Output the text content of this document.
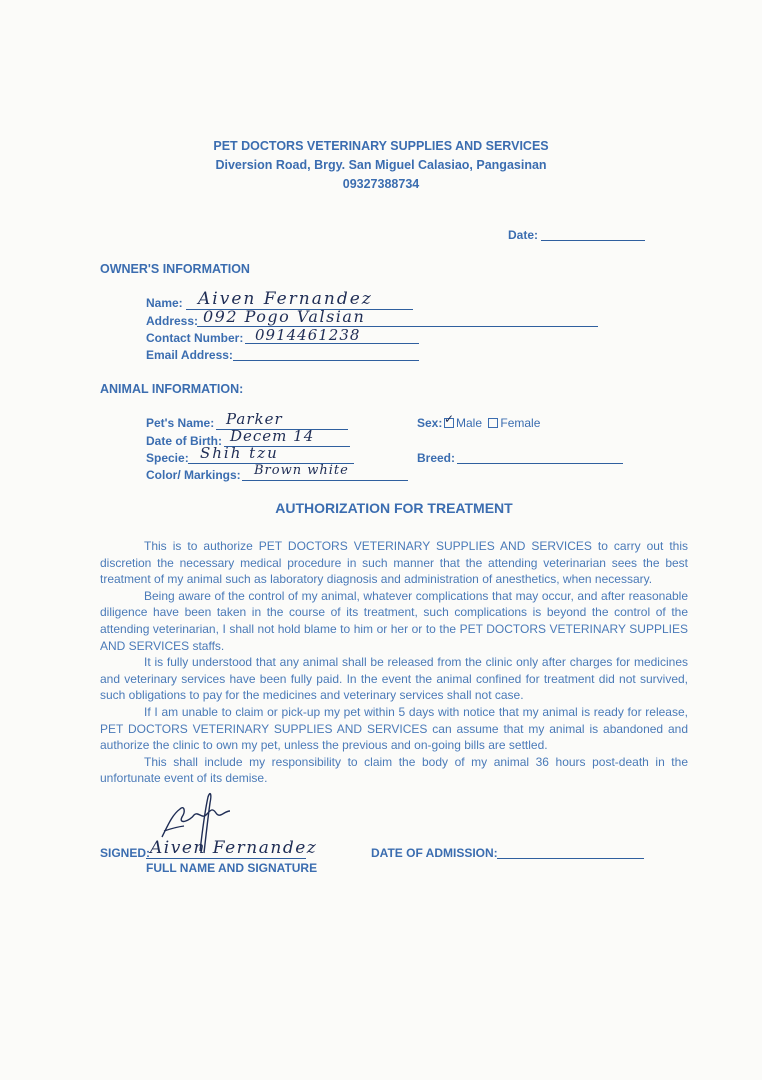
PET DOCTORS VETERINARY SUPPLIES AND SERVICES
Diversion Road, Brgy. San Miguel Calasiao, Pangasinan
09327388734
Date:
OWNER'S INFORMATION
Name: Aiven Fernandez
Address: 092 Pogo Valsian
Contact Number: 0914461238
Email Address:
ANIMAL INFORMATION:
Pet's Name: Parker
Date of Birth: Decem 14
Specie: Shih tzu
Color/ Markings: Brown white
Sex:
✓	Male Female
Breed:
AUTHORIZATION FOR TREATMENT

This is to authorize PET DOCTORS VETERINARY SUPPLIES AND SERVICES to carry out this discretion the necessary medical procedure in such manner that the attending veterinarian sees the best treatment of my animal such as laboratory diagnosis and administration of anesthetics, when necessary.

Being aware of the control of my animal, whatever complications that may occur, and after reasonable diligence have been taken in the course of its treatment, such complications is beyond the control of the attending veterinarian, I shall not hold blame to him or her or to the PET DOCTORS VETERINARY SUPPLIES AND SERVICES staffs.

It is fully understood that any animal shall be released from the clinic only after charges for medicines and veterinary services have been fully paid. In the event the animal confined for treatment did not survived, such obligations to pay for the medicines and veterinary services shall not case.

If I am unable to claim or pick-up my pet within 5 days with notice that my animal is ready for release, PET DOCTORS VETERINARY SUPPLIES AND SERVICES can assume that my animal is abandoned and authorize the clinic to own my pet, unless the previous and on-going bills are settled.

This shall include my responsibility to claim the body of my animal 36 hours post-death in the unfortunate event of its demise.

SIGNED: Aiven Fernandez
FULL NAME AND SIGNATURE
DATE OF ADMISSION:
